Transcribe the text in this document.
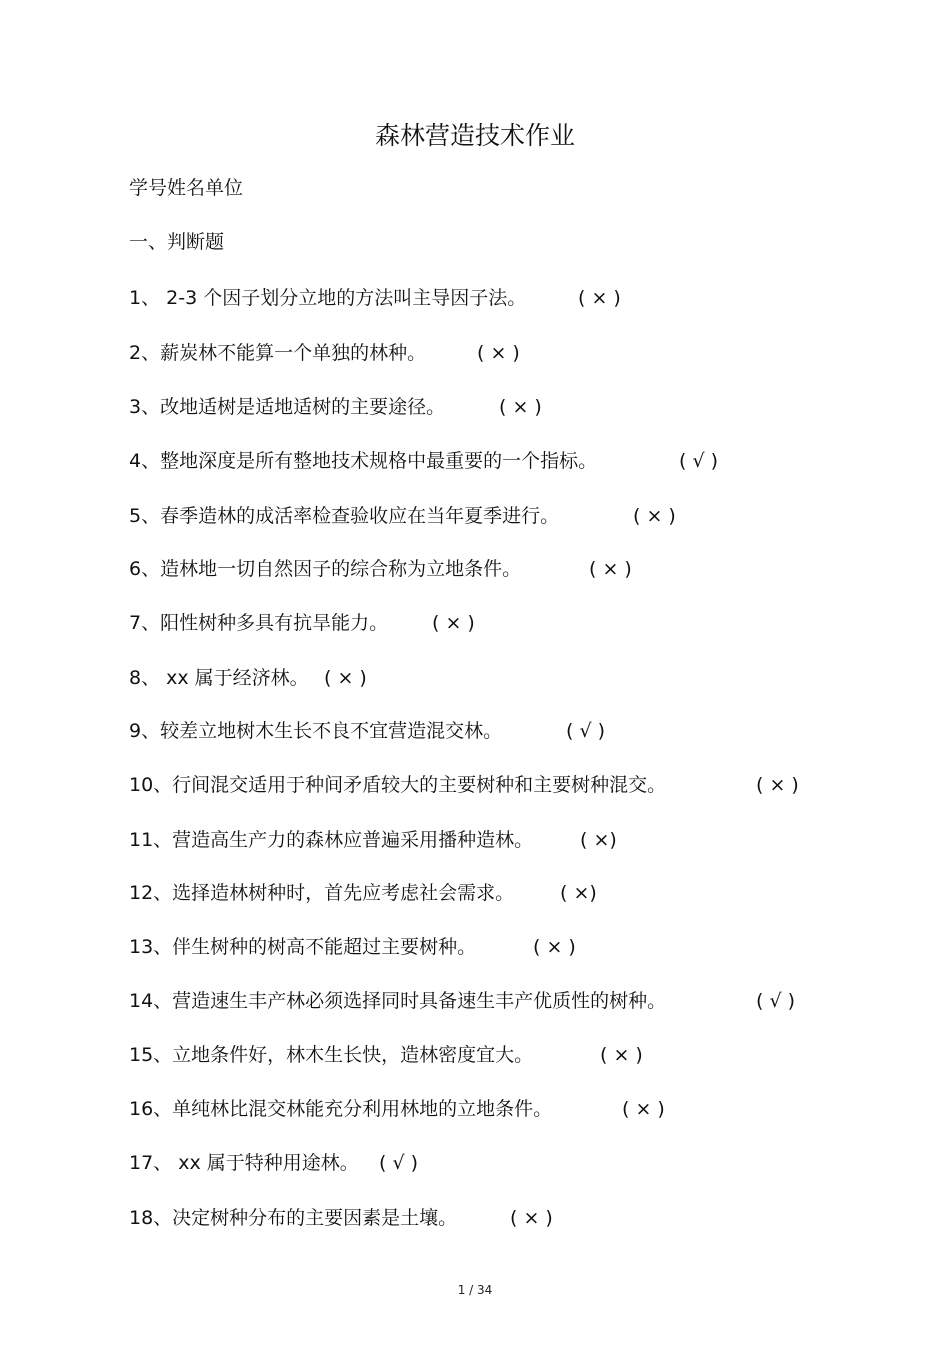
森林营造技术作业
学号姓名单位
一、判断题
1、 2-3 个因子划分立地的方法叫主导因子法。	( × )
2、薪炭林不能算一个单独的林种。	( × )
3、改地适树是适地适树的主要途径。	( × )
4、整地深度是所有整地技术规格中最重要的一个指标。	( √ )
5、春季造林的成活率检查验收应在当年夏季进行。	( × )
6、造林地一切自然因子的综合称为立地条件。	( × )
7、阳性树种多具有抗旱能力。 ( × )
8、 xx 属于经济林。 ( × )
9、较差立地树木生长不良不宜营造混交林。	( √ )
10、行间混交适用于种间矛盾较大的主要树种和主要树种混交。	( × )
11、营造高生产力的森林应普遍采用播种造林。 ( ×)
12、选择造林树种时，首先应考虑社会需求。 ( ×)
13、伴生树种的树高不能超过主要树种。	( × )
14、营造速生丰产林必须选择同时具备速生丰产优质性的树种。	( √ )
15、立地条件好，林木生长快，造林密度宜大。	( × )
16、单纯林比混交林能充分利用林地的立地条件。	( × )
17、 xx 属于特种用途林。 ( √ )
18、决定树种分布的主要因素是土壤。	( × )
1 / 34
